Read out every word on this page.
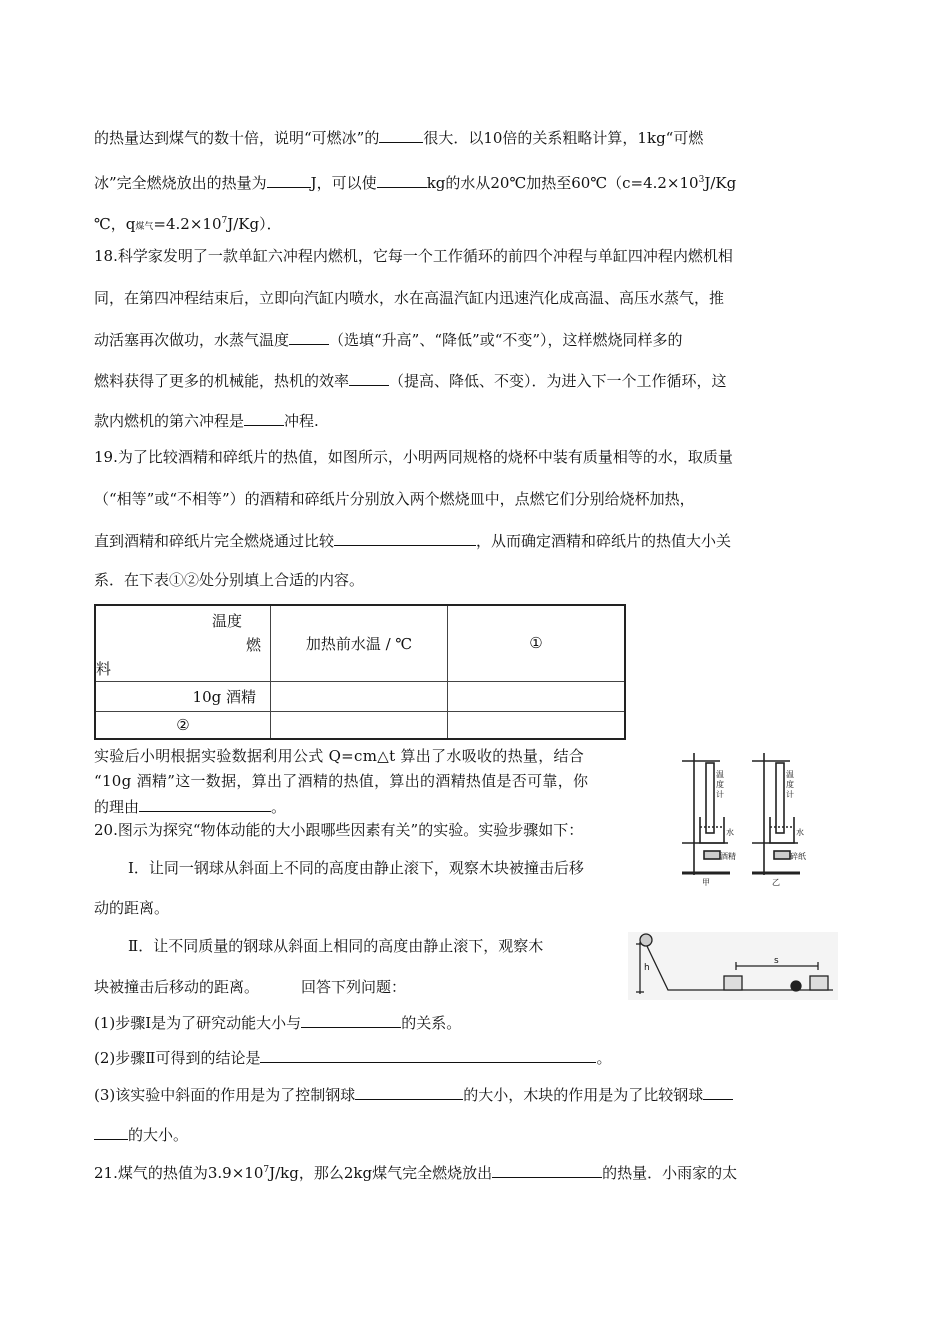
的热量达到煤气的数十倍，说明“可燃冰”的	很大．以10倍的关系粗略计算，1kg“可燃
冰”完全燃烧放出的热量为	J，可以使	kg的水从20℃加热至$60℃(c=4.2\times 10^3J/Kg$
℃，q煤气$=4.2\times 10^7J/Kg$）．
18.科学家发明了一款单缸六冲程内燃机，它每一个工作循环的前四个冲程与单缸四冲程内燃机相
同，在第四冲程结束后，立即向汽缸内喷水，水在高温汽缸内迅速汽化成高温、高压水蒸气，推
动活塞再次做功，水蒸气温度	（选填“升高”、“降低”或“不变”），这样燃烧同样多的
燃料获得了更多的机械能，热机的效率	（提高、降低、不变）．为进入下一个工作循环，这
款内燃机的第六冲程是	冲程.
19.为了比较酒精和碎纸片的热值，如图所示，小明两同规格的烧杯中装有质量相等的水，取质量
（“相等”或“不相等”）的酒精和碎纸片分别放入两个燃烧皿中，点燃它们分别给烧杯加热，
直到酒精和碎纸片完全燃烧通过比较	，从而确定酒精和碎纸片的热值大小关
系．在下表①②处分别填上合适的内容。
温度
燃
料	加热前水温 / ℃	①
10g 酒精		
②		
实验后小明根据实验数据利用公式 Q=cm△t 算出了水吸收的热量，结合
“10g 酒精”这一数据，算出了酒精的热值，算出的酒精热值是否可靠，你
的理由	。
温
度
计
水
酒精
温
度
计
水
碎纸
甲	乙
20.图示为探究“物体动能的大小跟哪些因素有关”的实验。实验步骤如下：
Ⅰ．让同一钢球从斜面上不同的高度由静止滚下，观察木块被撞击后移
动的距离。
Ⅱ．让不同质量的钢球从斜面上相同的高度由静止滚下，观察木
块被撞击后移动的距离。	回答下列问题：
h
s
(1)步骤Ⅰ是为了研究动能大小与	的关系。
(2)步骤Ⅱ可得到的结论是	。
(3)该实验中斜面的作用是为了控制钢球	的大小，木块的作用是为了比较钢球
的大小。
21.煤气的热值为$3.9\times 10^7J/kg$，那么2kg煤气完全燃烧放出	的热量．小雨家的太
